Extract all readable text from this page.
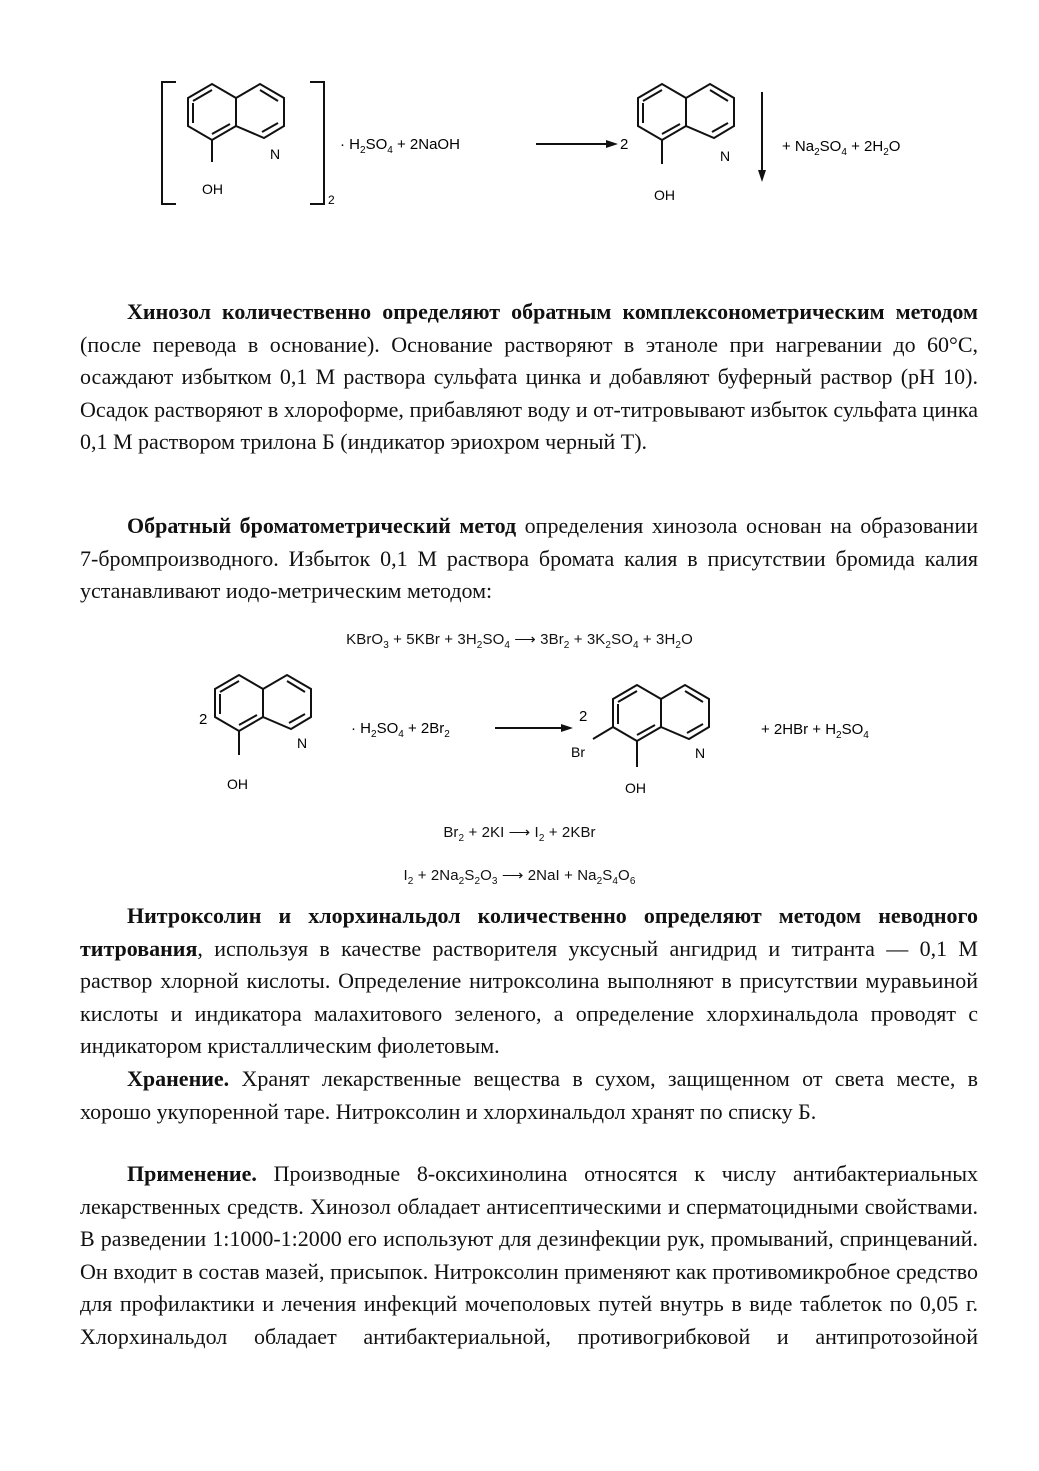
N
OH
2
· $H_2SO_4$ + 2NaOH	2
N
OH
+ $Na_2SO_4 + 2H_2O$

Хинозол количественно определяют обратным комплексонометрическим методом (после перевода в основание). Основание растворяют в этаноле при нагревании до 60°С, осаждают избытком 0,1 М раствора сульфата цинка и добавляют буферный раствор (рН 10). Осадок растворяют в хлороформе, прибавляют воду и от-титровывают избыток сульфата цинка 0,1 М раствором трилона Б (индикатор эриохром черный Т).

Обратный броматометрический метод определения хинозола основан на образовании 7-бромпроизводного. Избыток 0,1 М раствора бромата калия в присутствии бромида калия устанавливают иодо-метрическим методом:

KBrO$_3$ + $5KBr + 3H_2SO_4$ ⟶ $3Br_2 + 3K_2SO_4 + 3H_2O$
2
N
OH
· $H_2SO_4 + 2Br_2$
2
Br	N
OH
+ $2HBr + H_2SO_4$
$Br_2 + 2KI$ ⟶ $I_2 + 2KBr$
$I_2 + 2Na_2S_2O_3$ ⟶ $2NaI + Na_2S_4O_6$

Нитроксолин и хлорхинальдол количественно определяют методом неводного титрования, используя в качестве растворителя уксусный ангидрид и титранта — 0,1 М раствор хлорной кислоты. Определение нитроксолина выполняют в присутствии муравьиной кислоты и индикатора малахитового зеленого, а определение хлорхинальдола проводят с индикатором кристаллическим фиолетовым.

Хранение. Хранят лекарственные вещества в сухом, защищенном от света месте, в хорошо укупоренной таре. Нитроксолин и хлорхинальдол хранят по списку Б.

Применение. Производные 8-оксихинолина относятся к числу антибактериальных лекарственных средств. Хинозол обладает антисептическими и сперматоцидными свойствами. В разведении 1:1000-1:2000 его используют для дезинфекции рук, промываний, спринцеваний. Он входит в состав мазей, присыпок. Нитроксолин применяют как противомикробное средство для профилактики и лечения инфекций мочеполовых путей внутрь в виде таблеток по 0,05 г. Хлорхинальдол обладает антибактериальной, противогрибковой и антипротозойной
